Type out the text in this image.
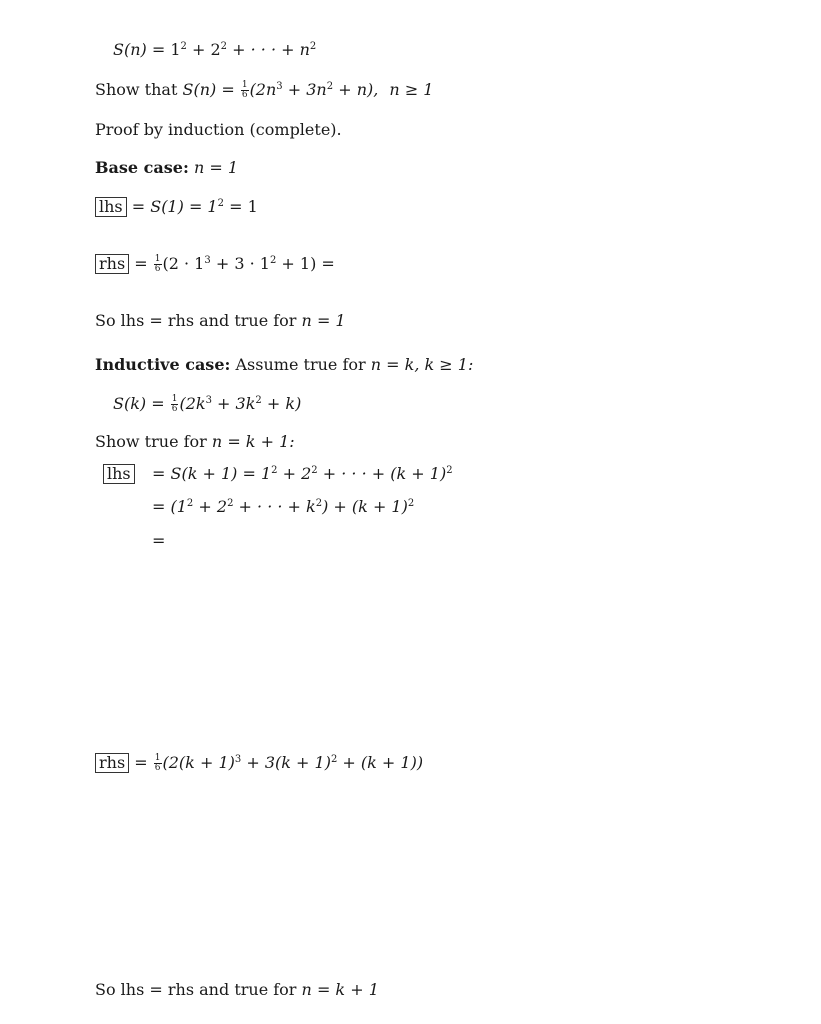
$S(n) = 1^2 + 2^2$ + · · · + $n^2$
Show that $S(n) = \frac{1}{6} (2n^3 + 3n^2 + n)$, n ≥ 1
Proof by induction (complete).
Base case: n = 1
lhs = $S(1) = 1^2 = 1$
rhs = $\frac{1}{6} (2 \cdot 1^3 + 3 \cdot 1^2 + 1)$ =
So lhs = rhs and true for n = 1
Inductive case: Assume true for n = k, k ≥ 1:
$S(k) = \frac{1}{6} (2k^3 + 3k^2 + k)$
Show true for n = k + 1:
lhs = $S(k + 1) = 1^2 + 2^2$ + · · · + $(k + 1)^2$
= ($1^2 + 2^2$ + · · · + $k^2) + (k + 1)^2$
=
rhs = $\frac{1}{6} (2(k + 1)^3 + 3(k + 1)^2 + (k + 1))$
So lhs = rhs and true for n = k + 1
